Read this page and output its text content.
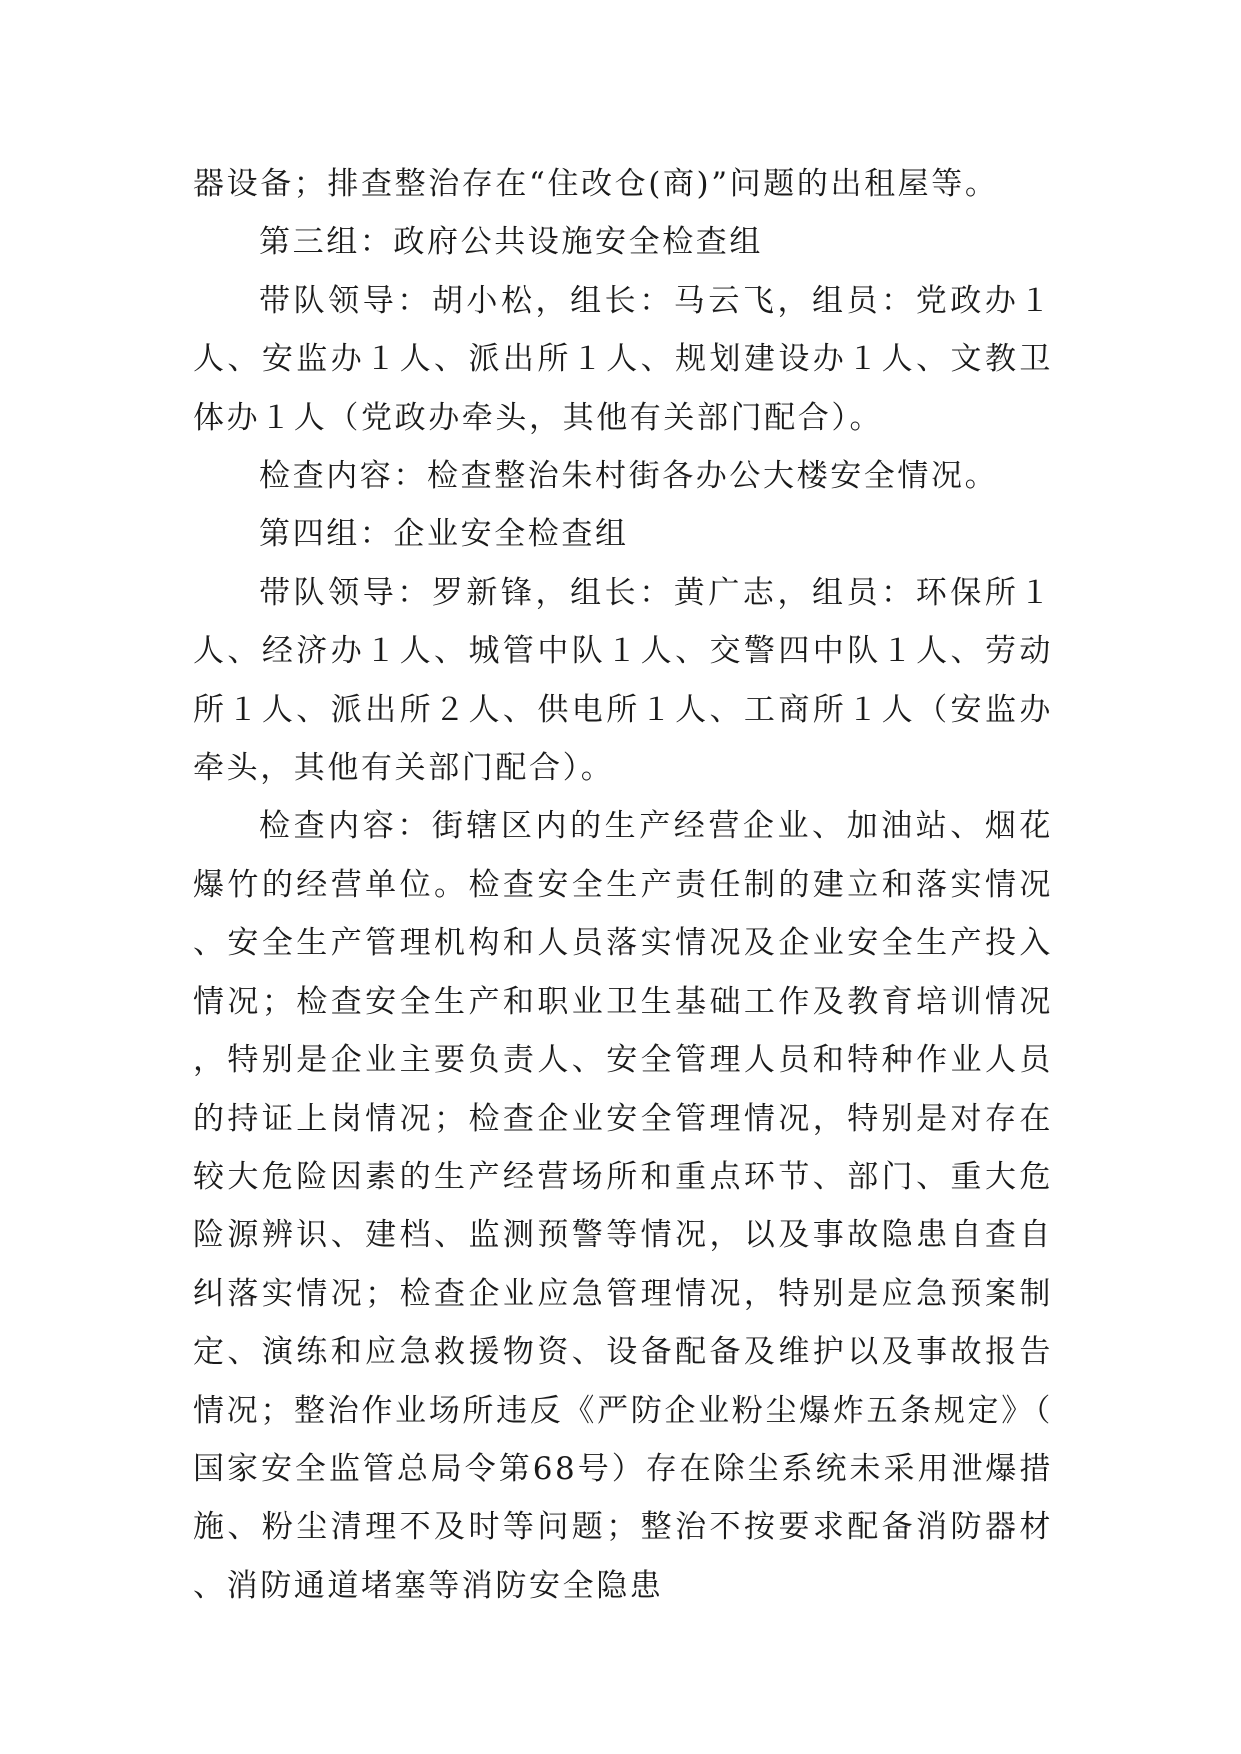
器设备；排查整治存在“住改仓(商)”问题的出租屋等。

第三组：政府公共设施安全检查组

带队领导：胡小松，组长：马云飞，组员：党政办１人、安监办１人、派出所１人、规划建设办１人、文教卫体办１人（党政办牵头，其他有关部门配合）。

检查内容：检查整治朱村街各办公大楼安全情况。

第四组：企业安全检查组

带队领导：罗新锋，组长：黄广志，组员：环保所１人、经济办１人、城管中队１人、交警四中队１人、劳动所１人、派出所２人、供电所１人、工商所１人（安监办牵头，其他有关部门配合）。

检查内容：街辖区内的生产经营企业、加油站、烟花爆竹的经营单位。检查安全生产责任制的建立和落实情况、安全生产管理机构和人员落实情况及企业安全生产投入情况；检查安全生产和职业卫生基础工作及教育培训情况，特别是企业主要负责人、安全管理人员和特种作业人员的持证上岗情况；检查企业安全管理情况，特别是对存在较大危险因素的生产经营场所和重点环节、部门、重大危险源辨识、建档、监测预警等情况，以及事故隐患自查自纠落实情况；检查企业应急管理情况，特别是应急预案制定、演练和应急救援物资、设备配备及维护以及事故报告情况；整治作业场所违反《严防企业粉尘爆炸五条规定》（国家安全监管总局令第68号）存在除尘系统未采用泄爆措施、粉尘清理不及时等问题；整治不按要求配备消防器材、消防通道堵塞等消防安全隐患
